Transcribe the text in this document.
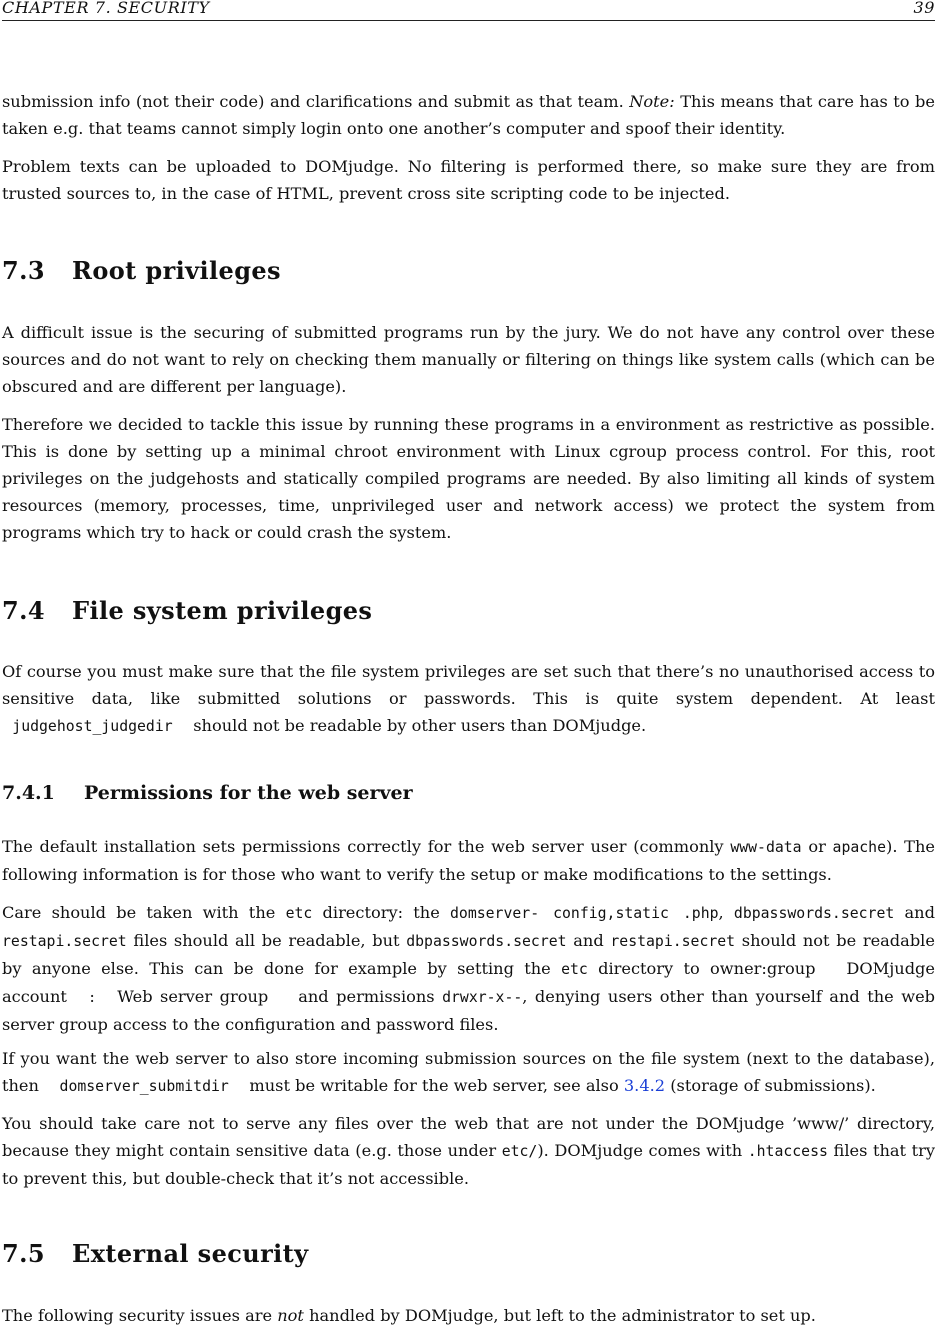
CHAPTER 7. SECURITY	39

submission info (not their code) and clarifications and submit as that team. Note: This means that care has to be taken e.g. that teams cannot simply login onto one another’s computer and spoof their identity.

Problem texts can be uploaded to DOMjudge. No filtering is performed there, so make sure they are from trusted sources to, in the case of HTML, prevent cross site scripting code to be injected.

7.3 Root privileges

A difficult issue is the securing of submitted programs run by the jury. We do not have any control over these sources and do not want to rely on checking them manually or filtering on things like system calls (which can be obscured and are different per language).

Therefore we decided to tackle this issue by running these programs in a environment as restrictive as possible. This is done by setting up a minimal chroot environment with Linux cgroup process control. For this, root privileges on the judgehosts and statically compiled programs are needed. By also limiting all kinds of system resources (memory, processes, time, unprivileged user and network access) we protect the system from programs which try to hack or could crash the system.

7.4 File system privileges

Of course you must make sure that the file system privileges are set such that there’s no unauthorised access to sensitive data, like submitted solutions or passwords. This is quite system dependent. At least   judgehost_judgedir should not be readable by other users than DOMjudge.

7.4.1 Permissions for the web server

The default installation sets permissions correctly for the web server user (commonly www-data or apache). The following information is for those who want to verify the setup or make modifications to the settings.

Care should be taken with the etc directory: the domserver- config,static .php, dbpasswords.secret and restapi.secret files should all be readable, but dbpasswords.secret and restapi.secret should not be readable by anyone else. This can be done for example by setting the etc directory to owner:group DOMjudge account : Web server group and permissions drwxr-x--, denying users other than yourself and the web server group access to the configuration and password files.

If you want the web server to also store incoming submission sources on the file system (next to the database), then domserver_submitdir must be writable for the web server, see also 3.4.2 (storage of submissions).

You should take care not to serve any files over the web that are not under the DOMjudge ’www/’ directory, because they might contain sensitive data (e.g. those under etc/). DOMjudge comes with .htaccess files that try to prevent this, but double-check that it’s not accessible.

7.5 External security

The following security issues are not handled by DOMjudge, but left to the administrator to set up.
